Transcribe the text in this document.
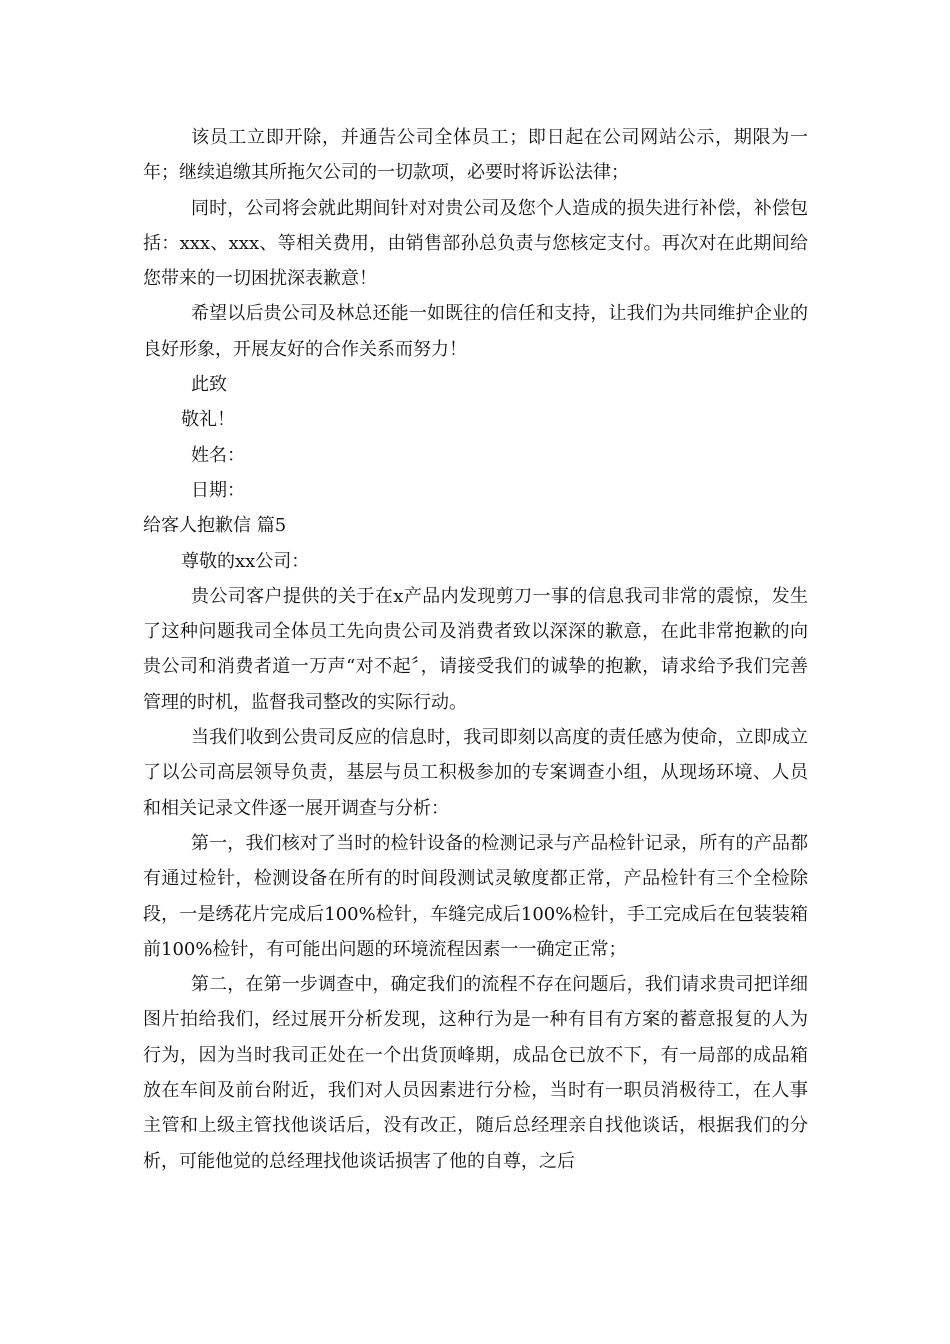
该员工立即开除，并通告公司全体员工；即日起在公司网站公示，期限为一年；继续追缴其所拖欠公司的一切款项，必要时将诉讼法律；

同时，公司将会就此期间针对对贵公司及您个人造成的损失进行补偿，补偿包括：xxx、xxx、等相关费用，由销售部孙总负责与您核定支付。再次对在此期间给您带来的一切困扰深表歉意！

希望以后贵公司及林总还能一如既往的信任和支持，让我们为共同维护企业的良好形象，开展友好的合作关系而努力！

此致

敬礼！

姓名：

日期：

给客人抱歉信 篇5

尊敬的xx公司：

贵公司客户提供的关于在x产品内发现剪刀一事的信息我司非常的震惊，发生了这种问题我司全体员工先向贵公司及消费者致以深深的歉意，在此非常抱歉的向贵公司和消费者道一万声“对不起〞，请接受我们的诚挚的抱歉，请求给予我们完善管理的时机，监督我司整改的实际行动。

当我们收到公贵司反应的信息时，我司即刻以高度的责任感为使命，立即成立了以公司高层领导负责，基层与员工积极参加的专案调查小组，从现场环境、人员和相关记录文件逐一展开调查与分析：

第一，我们核对了当时的检针设备的检测记录与产品检针记录，所有的产品都有通过检针，检测设备在所有的时间段测试灵敏度都正常，产品检针有三个全检除段，一是绣花片完成后100%检针，车缝完成后100%检针，手工完成后在包装装箱前100%检针，有可能出问题的环境流程因素一一确定正常；

第二，在第一步调查中，确定我们的流程不存在问题后，我们请求贵司把详细图片拍给我们，经过展开分析发现，这种行为是一种有目有方案的蓄意报复的人为行为，因为当时我司正处在一个出货顶峰期，成品仓已放不下，有一局部的成品箱放在车间及前台附近，我们对人员因素进行分检，当时有一职员消极待工，在人事主管和上级主管找他谈话后，没有改正，随后总经理亲自找他谈话，根据我们的分析，可能他觉的总经理找他谈话损害了他的自尊，之后
